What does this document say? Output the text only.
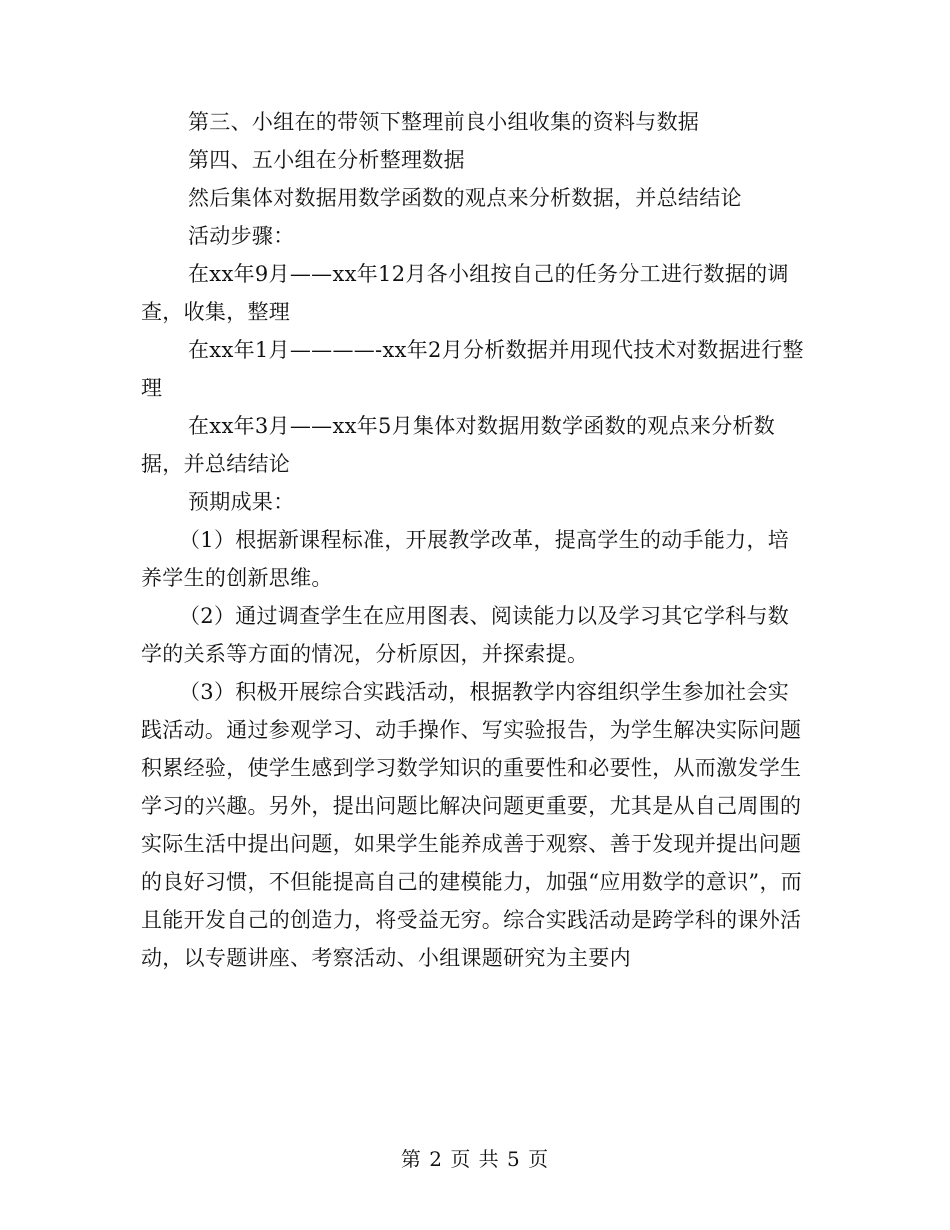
第三、小组在的带领下整理前良小组收集的资料与数据

第四、五小组在分析整理数据

然后集体对数据用数学函数的观点来分析数据，并总结结论

活动步骤：

在xx年9月——xx年12月各小组按自己的任务分工进行数据的调查，收集，整理

在xx年1月————-xx年2月分析数据并用现代技术对数据进行整理

在xx年3月——xx年5月集体对数据用数学函数的观点来分析数据，并总结结论

预期成果：

（1）根据新课程标准，开展教学改革，提高学生的动手能力，培养学生的创新思维。

（2）通过调查学生在应用图表、阅读能力以及学习其它学科与数学的关系等方面的情况，分析原因，并探索提。

（3）积极开展综合实践活动，根据教学内容组织学生参加社会实践活动。通过参观学习、动手操作、写实验报告，为学生解决实际问题积累经验，使学生感到学习数学知识的重要性和必要性，从而激发学生学习的兴趣。另外，提出问题比解决问题更重要，尤其是从自己周围的实际生活中提出问题，如果学生能养成善于观察、善于发现并提出问题的良好习惯，不但能提高自己的建模能力，加强“应用数学的意识”，而且能开发自己的创造力，将受益无穷。综合实践活动是跨学科的课外活动，以专题讲座、考察活动、小组课题研究为主要内

第 2 页 共 5 页
